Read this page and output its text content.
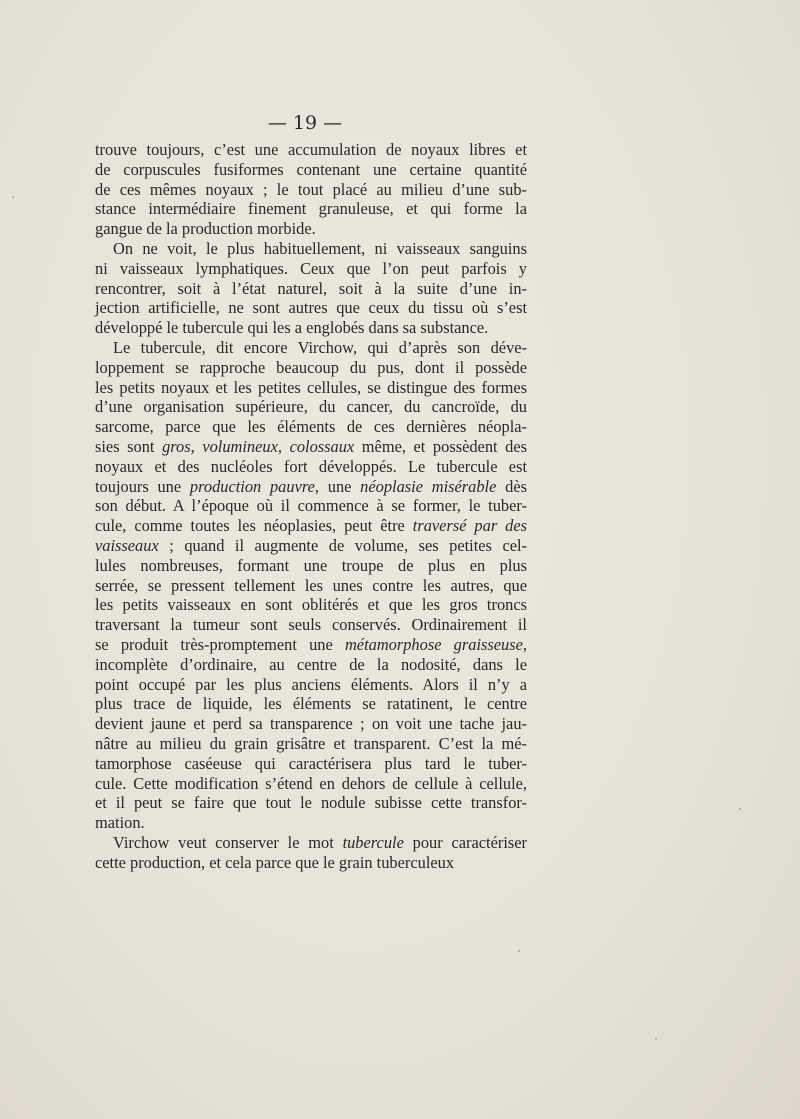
— 19 —
trouve toujours, c’est une accumulation de noyaux libres et
de corpuscules fusiformes contenant une certaine quantité
de ces mêmes noyaux ; le tout placé au milieu d’une sub-
stance intermédiaire finement granuleuse, et qui forme la
gangue de la production morbide.
On ne voit, le plus habituellement, ni vaisseaux sanguins
ni vaisseaux lymphatiques. Ceux que l’on peut parfois y
rencontrer, soit à l’état naturel, soit à la suite d’une in-
jection artificielle, ne sont autres que ceux du tissu où s’est
développé le tubercule qui les a englobés dans sa substance.
Le tubercule, dit encore Virchow, qui d’après son déve-
loppement se rapproche beaucoup du pus, dont il possède
les petits noyaux et les petites cellules, se distingue des formes
d’une organisation supérieure, du cancer, du cancroïde, du
sarcome, parce que les éléments de ces dernières néopla-
sies sont gros, volumineux, colossaux même, et possèdent des
noyaux et des nucléoles fort développés. Le tubercule est
toujours une production pauvre, une néoplasie misérable dès
son début. A l’époque où il commence à se former, le tuber-
cule, comme toutes les néoplasies, peut être traversé par des
vaisseaux ; quand il augmente de volume, ses petites cel-
lules nombreuses, formant une troupe de plus en plus
serrée, se pressent tellement les unes contre les autres, que
les petits vaisseaux en sont oblitérés et que les gros troncs
traversant la tumeur sont seuls conservés. Ordinairement il
se produit très-promptement une métamorphose graisseuse,
incomplète d’ordinaire, au centre de la nodosité, dans le
point occupé par les plus anciens éléments. Alors il n’y a
plus trace de liquide, les éléments se ratatinent, le centre
devient jaune et perd sa transparence ; on voit une tache jau-
nâtre au milieu du grain grisâtre et transparent. C’est la mé-
tamorphose caséeuse qui caractérisera plus tard le tuber-
cule. Cette modification s’étend en dehors de cellule à cellule,
et il peut se faire que tout le nodule subisse cette transfor-
mation.
Virchow veut conserver le mot tubercule pour caractériser
cette production, et cela parce que le grain tuberculeux
